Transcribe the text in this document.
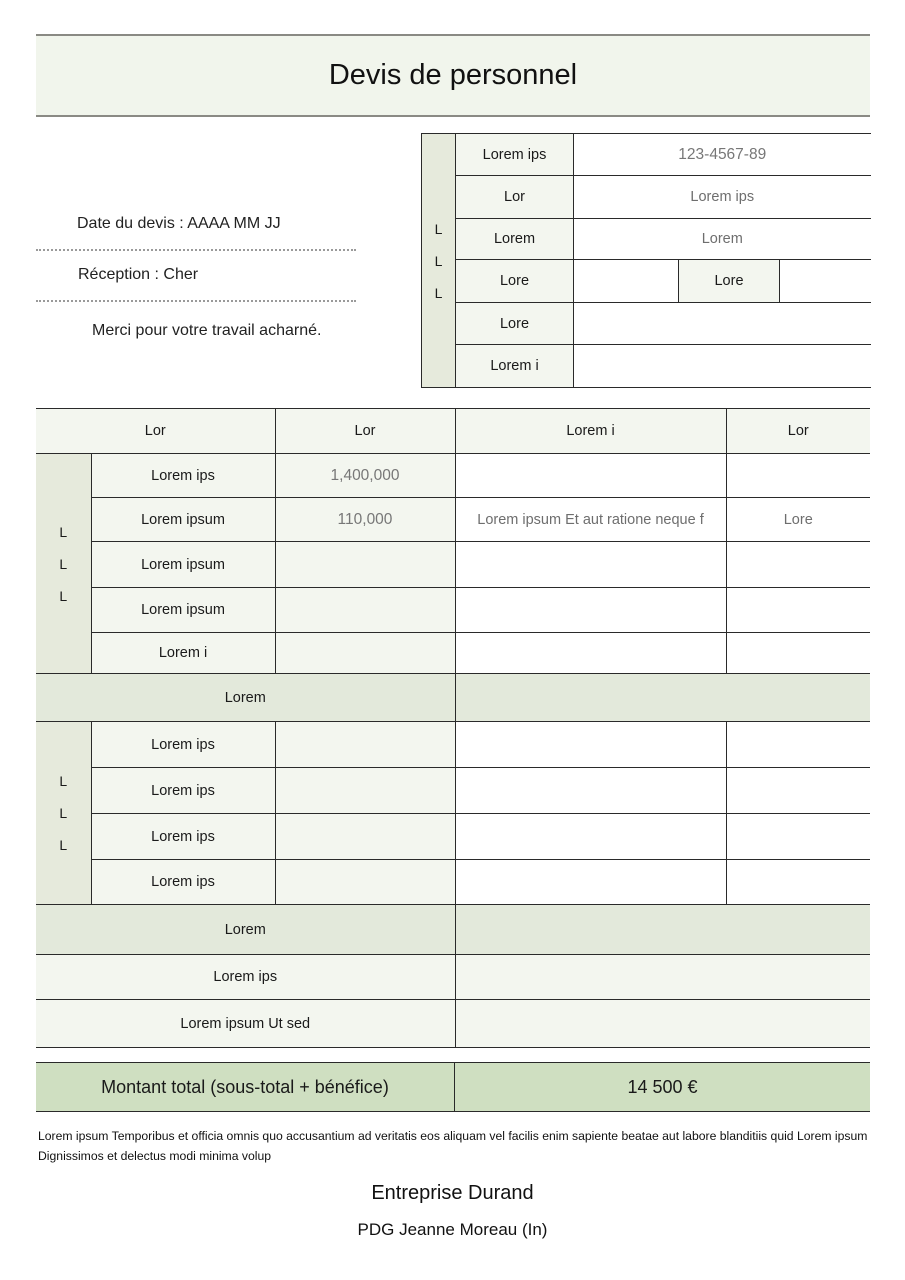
Devis de personnel
Date du devis : AAAA MM JJ
Réception : Cher
Merci pour votre travail acharné.
L
L
L	Lorem ips	123-4567-89		
	Lor	Lorem ips		
	Lorem	Lorem		
	Lore		Lore	
	Lore			
	Lorem i			
Lor		Lor	Lorem i	Lor
L
L
L	Lorem ips	1,400,000		
	Lorem ipsum	110,000	Lorem ipsum Et aut ratione neque f	Lore
	Lorem ipsum			
	Lorem ipsum			
	Lorem i			
Lorem				
L
L
L	Lorem ips			
	Lorem ips			
	Lorem ips			
	Lorem ips			
Lorem				
Lorem ips				
Lorem ipsum Ut sed				
Montant total (sous-total + bénéfice)	14 500 €
Lorem ipsum Temporibus et officia omnis quo accusantium ad veritatis eos aliquam vel facilis enim sapiente beatae aut labore blanditiis quid Lorem ipsum Dignissimos et delectus modi minima volup
Entreprise Durand
PDG Jeanne Moreau (In)
